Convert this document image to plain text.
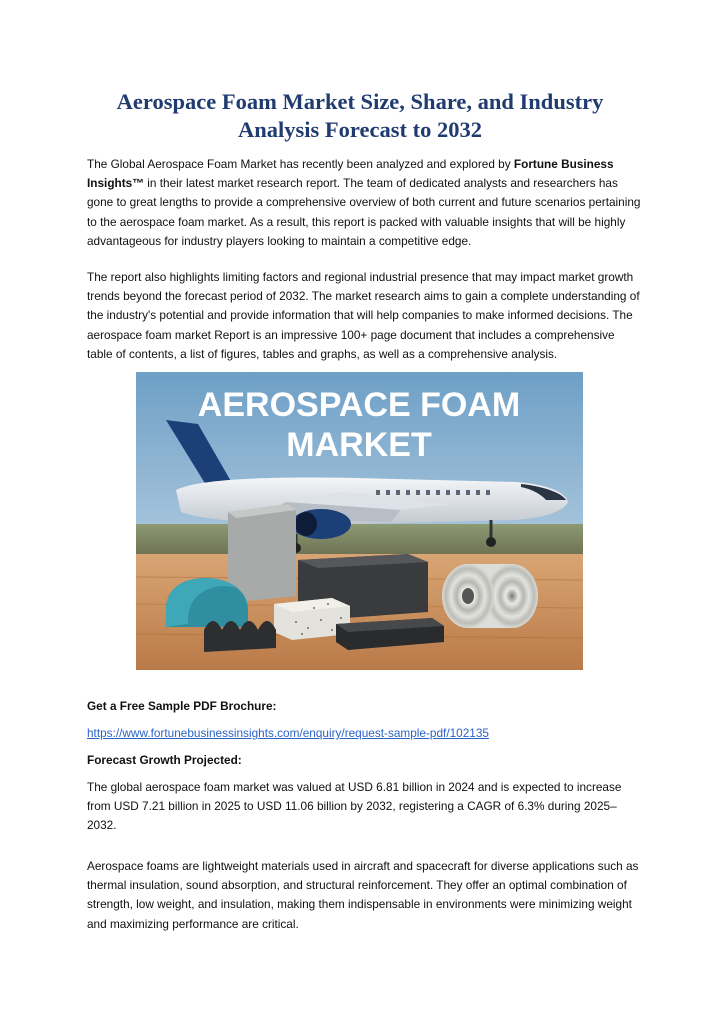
Aerospace Foam Market Size, Share, and Industry
Analysis Forecast to 2032

The Global Aerospace Foam Market has recently been analyzed and explored by Fortune Business Insights™ in their latest market research report. The team of dedicated analysts and researchers has gone to great lengths to provide a comprehensive overview of both current and future scenarios pertaining to the aerospace foam market. As a result, this report is packed with valuable insights that will be highly advantageous for industry players looking to maintain a competitive edge.

The report also highlights limiting factors and regional industrial presence that may impact market growth trends beyond the forecast period of 2032. The market research aims to gain a complete understanding of the industry's potential and provide information that will help companies to make informed decisions. The aerospace foam market Report is an impressive 100+ page document that includes a comprehensive table of contents, a list of figures, tables and graphs, as well as a comprehensive analysis.

AEROSPACE FOAM
MARKET

Get a Free Sample PDF Brochure:

https://www.fortunebusinessinsights.com/enquiry/request-sample-pdf/102135

Forecast Growth Projected:

The global aerospace foam market was valued at USD 6.81 billion in 2024 and is expected to increase from USD 7.21 billion in 2025 to USD 11.06 billion by 2032, registering a CAGR of 6.3% during 2025–2032.

Aerospace foams are lightweight materials used in aircraft and spacecraft for diverse applications such as thermal insulation, sound absorption, and structural reinforcement. They offer an optimal combination of strength, low weight, and insulation, making them indispensable in environments were minimizing weight and maximizing performance are critical.
